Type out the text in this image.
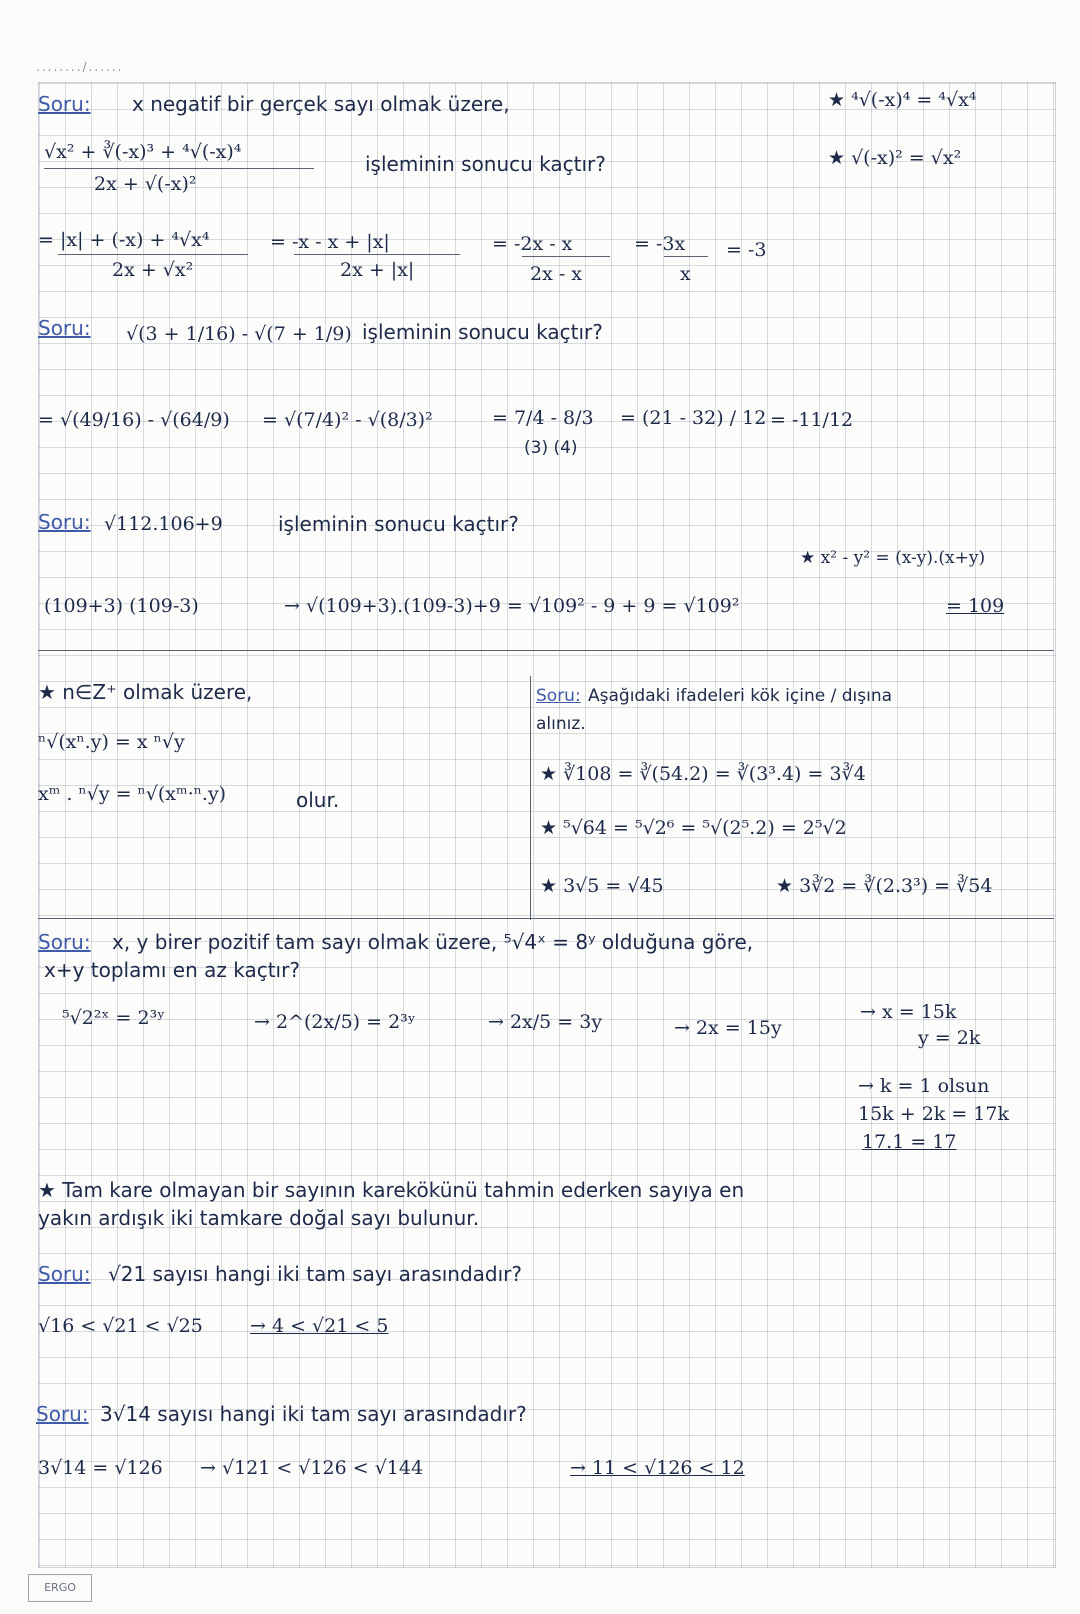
......../......
Soru: x negatif bir gerçek sayı olmak üzere,	★ ⁴√(-x)⁴ = ⁴√x⁴
√x² + ∛(-x)³ + ⁴√(-x)⁴
2x + √(-x)²
işleminin sonucu kaçtır?	★ √(-x)² = √x²
= |x| + (-x) + ⁴√x⁴
2x + √x²
= -x - x + |x|
2x + |x|
= -2x - x
2x - x
= -3x
x
= -3
Soru: √(3 + 1/16) - √(7 + 1/9) işleminin sonucu kaçtır?
= √(49/16) - √(64/9) = √(7/4)² - √(8/3)²	= 7/4 - 8/3
(3) (4)
= (21 - 32) / 12 = -11/12
Soru: √112.106+9	işleminin sonucu kaçtır?
★ x² - y² = (x-y).(x+y)
(109+3) (109-3)	→ √(109+3).(109-3)+9 = √109² - 9 + 9 = √109²	= 109
★ n∈Z⁺ olmak üzere,
ⁿ√(xⁿ.y) = x ⁿ√y
xᵐ . ⁿ√y = ⁿ√(xᵐ·ⁿ.y)	olur.
Soru: Aşağıdaki ifadeleri kök içine / dışına
alınız.
★ ∛108 = ∛(54.2) = ∛(3³.4) = 3∛4
★ ⁵√64 = ⁵√2⁶ = ⁵√(2⁵.2) = 2⁵√2
★ 3√5 = √45	★ 3∛2 = ∛(2.3³) = ∛54
Soru: x, y birer pozitif tam sayı olmak üzere, ⁵√4ˣ = 8ʸ olduğuna göre,
x+y toplamı en az kaçtır?
⁵√2²ˣ = 2³ʸ	→ 2^(2x/5) = 2³ʸ	→ 2x/5 = 3y	→ 2x = 15y
→ x = 15k
y = 2k
→ k = 1 olsun
15k + 2k = 17k
17.1 = 17
★ Tam kare olmayan bir sayının karekökünü tahmin ederken sayıya en
yakın ardışık iki tamkare doğal sayı bulunur.
Soru: √21 sayısı hangi iki tam sayı arasındadır?
√16 < √21 < √25 → 4 < √21 < 5
Soru: 3√14 sayısı hangi iki tam sayı arasındadır?
3√14 = √126 → √121 < √126 < √144	→ 11 < √126 < 12
ERGO
